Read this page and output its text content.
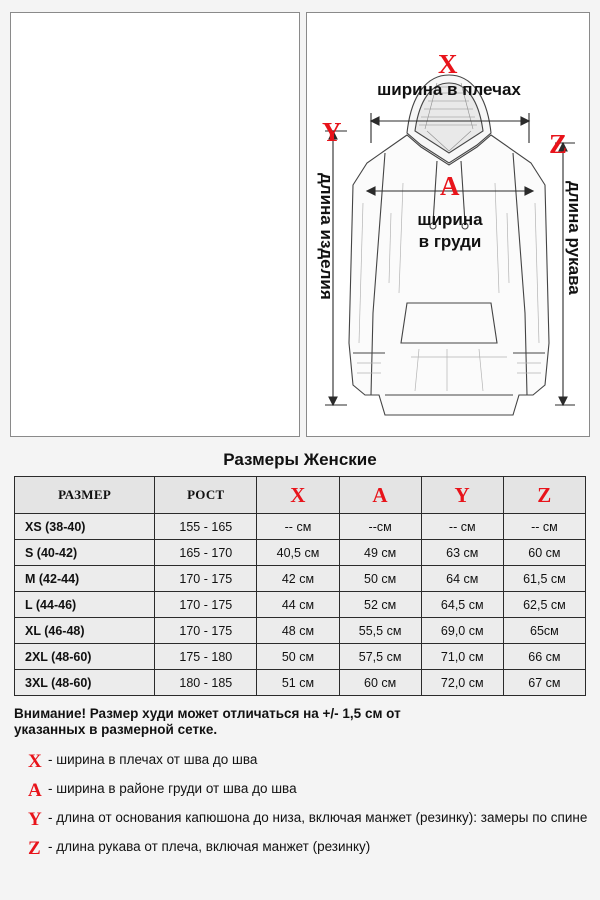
X
A
Y	Z
ширина в плечах
ширина
в груди
длина изделия	длина рукава
Размеры Женские
РАЗМЕР	РОСТ	X	A	Y	Z
XS (38-40)	155 - 165	-- см	--см	-- см	-- см
S (40-42)	165 - 170	40,5 см	49 см	63 см	60 см
M (42-44)	170 - 175	42 см	50 см	64 см	61,5 см
L (44-46)	170 - 175	44 см	52 см	64,5 см	62,5 см
XL (46-48)	170 - 175	48 см	55,5 см	69,0 см	65см
2XL (48-60)	175 - 180	50 см	57,5 см	71,0 см	66 см
3XL (48-60)	180 - 185	51 см	60 см	72,0 см	67 см
Внимание! Размер худи может отличаться на +/- 1,5 см от
указанных в размерной сетке.
X - ширина в плечах от шва до шва
A - ширина в районе груди от шва до шва
Y - длина от основания капюшона до низа, включая манжет (резинку): замеры по спине
Z - длина рукава от плеча, включая манжет (резинку)
